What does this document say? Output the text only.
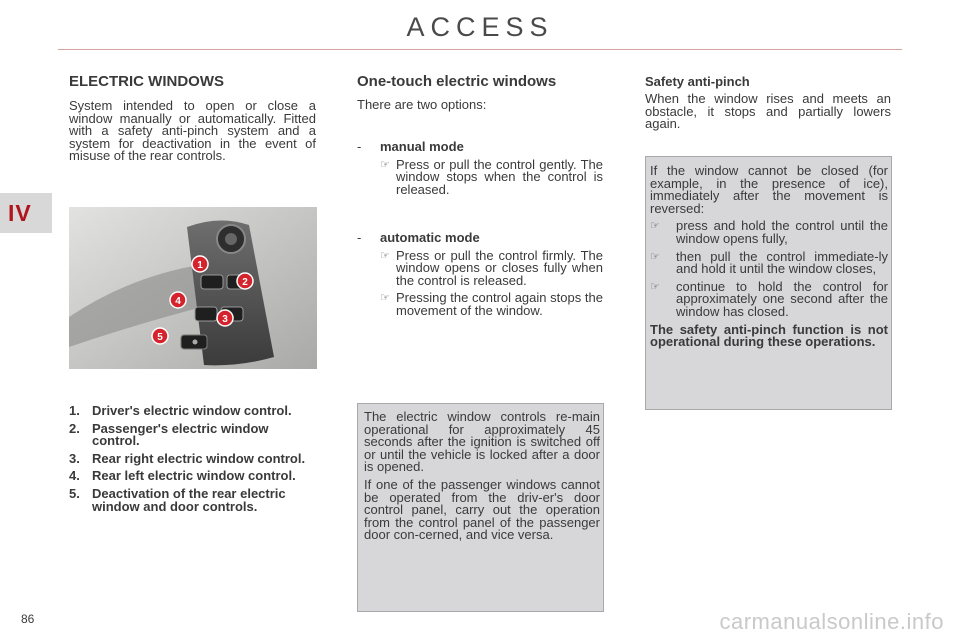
ACCESS
IV
ELECTRIC WINDOWS
System intended to open or close a window manually or automatically. Fitted with a safety anti-pinch system and a system for deactivation in the event of misuse of the rear controls.
1
2
3
4
5
1. Driver's electric window control.
2. Passenger's electric window control.
3. Rear right electric window control.
4. Rear left electric window control.
5. Deactivation of the rear electric window and door controls.
One-touch electric windows
There are two options:
- manual mode
☞ Press or pull the control gently. The window stops when the control is released.
- automatic mode
☞ Press or pull the control firmly. The window opens or closes fully when the control is released.
☞ Pressing the control again stops the movement of the window.
The electric window controls re-main operational for approximately 45 seconds after the ignition is switched off or until the vehicle is locked after a door is opened.
If one of the passenger windows cannot be operated from the driv-er's door control panel, carry out the operation from the control panel of the passenger door con-cerned, and vice versa.
Safety anti-pinch
When the window rises and meets an obstacle, it stops and partially lowers again.
If the window cannot be closed (for example, in the presence of ice), immediately after the movement is reversed:
☞ press and hold the control until the window opens fully,
☞ then pull the control immediate-ly and hold it until the window closes,
☞ continue to hold the control for approximately one second after the window has closed.
The safety anti-pinch function is not operational during these operations.
86	carmanualsonline.info
